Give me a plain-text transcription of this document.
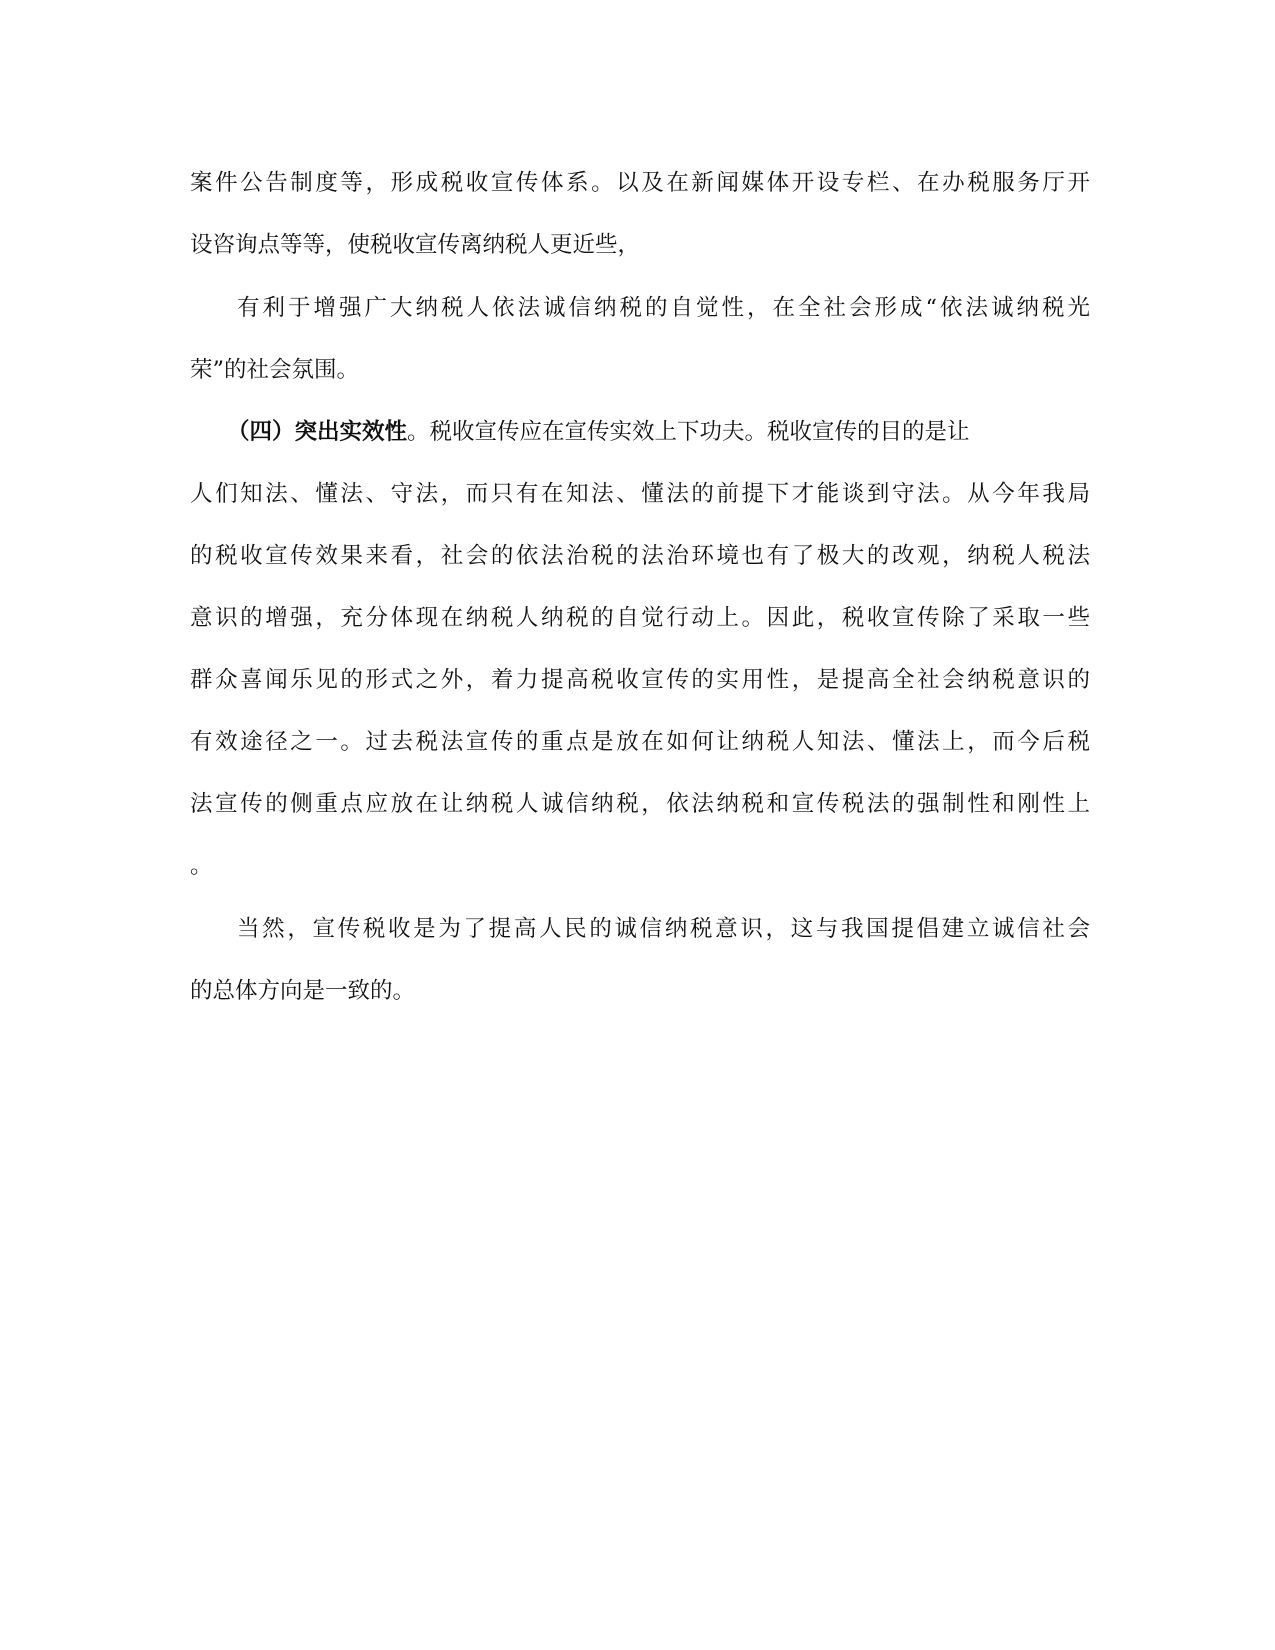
案件公告制度等，形成税收宣传体系。以及在新闻媒体开设专栏、在办税服务厅开
设咨询点等等，使税收宣传离纳税人更近些，
有利于增强广大纳税人依法诚信纳税的自觉性，在全社会形成“依法诚纳税光
荣”的社会氛围。
（四）突出实效性。税收宣传应在宣传实效上下功夫。税收宣传的目的是让
人们知法、懂法、守法，而只有在知法、懂法的前提下才能谈到守法。从今年我局
的税收宣传效果来看，社会的依法治税的法治环境也有了极大的改观，纳税人税法
意识的增强，充分体现在纳税人纳税的自觉行动上。因此，税收宣传除了采取一些
群众喜闻乐见的形式之外，着力提高税收宣传的实用性，是提高全社会纳税意识的
有效途径之一。过去税法宣传的重点是放在如何让纳税人知法、懂法上，而今后税
法宣传的侧重点应放在让纳税人诚信纳税，依法纳税和宣传税法的强制性和刚性上
。
当然，宣传税收是为了提高人民的诚信纳税意识，这与我国提倡建立诚信社会
的总体方向是一致的。
